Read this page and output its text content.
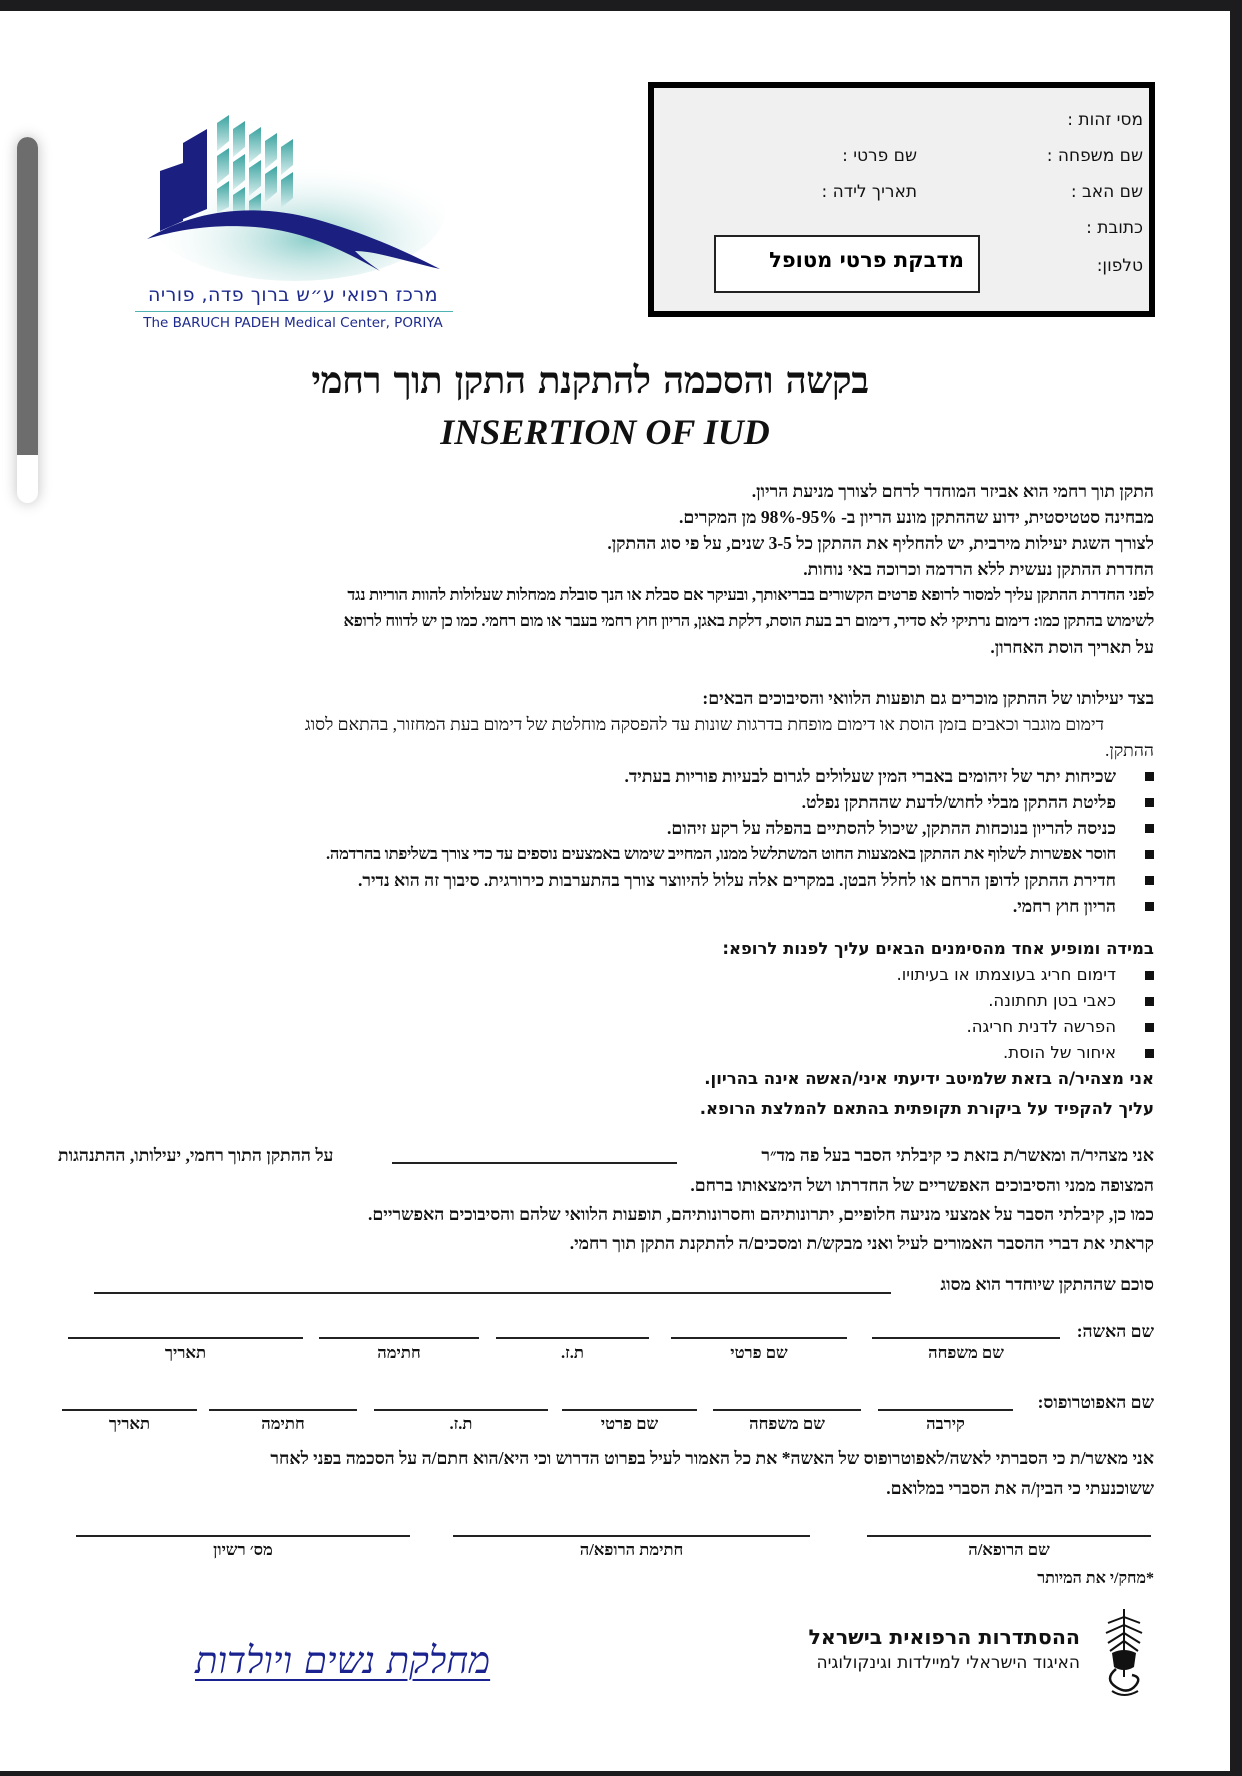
מרכז רפואי ע״ש ברוך פדה, פוריה
The BARUCH PADEH Medical Center, PORIYA
מסי זהות :
שם משפחה :
שם פרטי :
שם האב :
תאריך לידה :
כתובת :
טלפון:
מדבקת פרטי מטופל
בקשה והסכמה להתקנת התקן תוך רחמי
INSERTION OF IUD
התקן תוך רחמי הוא אביזר המוחדר לרחם לצורך מניעת הריון.
מבחינה סטטיסטית, ידוע שההתקן מונע הריון ב- 95%-98% מן המקרים.
לצורך השגת יעילות מירבית, יש להחליף את ההתקן כל 3-5 שנים, על פי סוג ההתקן.
החדרת ההתקן נעשית ללא הרדמה וכרוכה באי נוחות.
לפני החדרת ההתקן עליך למסור לרופא פרטים הקשורים בבריאותך, ובעיקר אם סבלת או הנך סובלת ממחלות שעלולות להוות הוריות נגד
לשימוש בהתקן כמו: דימום נרתיקי לא סדיר, דימום רב בעת הוסת, דלקת באגן, הריון חוץ רחמי בעבר או מום רחמי. כמו כן יש לדווח לרופא
על תאריך הוסת האחרון.
בצד יעילותו של ההתקן מוכרים גם תופעות הלוואי והסיבוכים הבאים:
דימום מוגבר וכאבים בזמן הוסת או דימום מופחת בדרגות שונות עד להפסקה מוחלטת של דימום בעת המחזור, בהתאם לסוג
ההתקן.
שכיחות יתר של זיהומים באברי המין שעלולים לגרום לבעיות פוריות בעתיד.
פליטת ההתקן מבלי לחוש/לדעת שההתקן נפלט.
כניסה להריון בנוכחות ההתקן, שיכול להסתיים בהפלה על רקע זיהום.
חוסר אפשרות לשלוף את ההתקן באמצעות החוט המשתלשל ממנו, המחייב שימוש באמצעים נוספים עד כדי צורך בשליפתו בהרדמה.
חדירת ההתקן לדופן הרחם או לחלל הבטן. במקרים אלה עלול להיווצר צורך בהתערבות כירורגית. סיבוך זה הוא נדיר.
הריון חוץ רחמי.
במידה ומופיע אחד מהסימנים הבאים עליך לפנות לרופא:
דימום חריג בעוצמתו או בעיתויו.
כאבי בטן תחתונה.
הפרשה לדנית חריגה.
איחור של הוסת.
אני מצהיר/ה בזאת שלמיטב ידיעתי איני/האשה אינה בהריון.
עליך להקפיד על ביקורת תקופתית בהתאם להמלצת הרופא.
אני מצהיר/ה ומאשר/ת בזאת כי קיבלתי הסבר בעל פה מד״ר
על ההתקן התוך רחמי, יעילותו, ההתנהגות
המצופה ממני והסיבוכים האפשריים של החדרתו ושל הימצאותו ברחם.
כמו כן, קיבלתי הסבר על אמצעי מניעה חלופיים, יתרונותיהם וחסרונותיהם, תופעות הלוואי שלהם והסיבוכים האפשריים.
קראתי את דברי ההסבר האמורים לעיל ואני מבקש/ת ומסכים/ה להתקנת התקן תוך רחמי.
סוכם שההתקן שיוחדר הוא מסוג
שם האשה:
שם משפחה
שם פרטי
ת.ז.
חתימה
תאריך
שם האפוטרופוס:
קירבה
שם משפחה
שם פרטי
ת.ז.
חתימה
תאריך
אני מאשר/ת כי הסברתי לאשה/לאפוטרופוס של האשה* את כל האמור לעיל בפרוט הדרוש וכי היא/הוא חתם/ה על הסכמה בפני לאחר
ששוכנעתי כי הבין/ה את הסברי במלואם.
שם הרופא/ה
חתימת הרופא/ה
מס׳ רשיון
*מחק/י את המיותר
מחלקת נשים ויולדות
ההסתדרות הרפואית בישראל
האיגוד הישראלי למיילדות וגינקולוגיה
